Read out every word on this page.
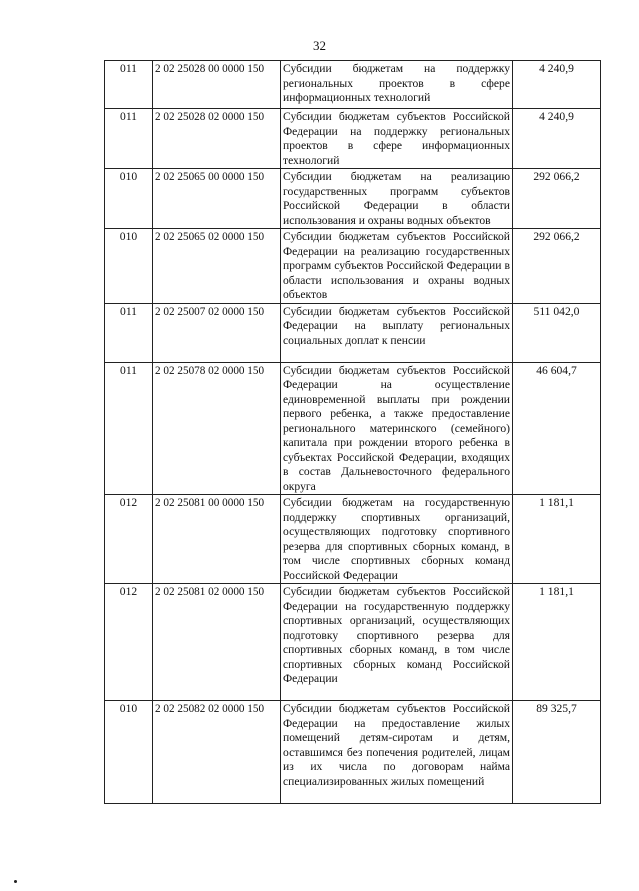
32
011	2 02 25028 00 0000 150	Субсидии бюджетам на поддержку региональных проектов в сфере информационных технологий	4 240,9
011	2 02 25028 02 0000 150	Субсидии бюджетам субъектов Российской Федерации на поддержку региональных проектов в сфере информационных технологий	4 240,9
010	2 02 25065 00 0000 150	Субсидии бюджетам на реализацию государственных программ субъектов Российской Федерации в области использования и охраны водных объектов	292 066,2
010	2 02 25065 02 0000 150	Субсидии бюджетам субъектов Российской Федерации на реализацию государственных программ субъектов Российской Федерации в области использования и охраны водных объектов	292 066,2
011	2 02 25007 02 0000 150	Субсидии бюджетам субъектов Российской Федерации на выплату региональных социальных доплат к пенсии	511 042,0
011	2 02 25078 02 0000 150	Субсидии бюджетам субъектов Российской Федерации на осуществление единовременной выплаты при рождении первого ребенка, а также предоставление регионального материнского (семейного) капитала при рождении второго ребенка в субъектах Российской Федерации, входящих в состав Дальневосточного федерального округа	46 604,7
012	2 02 25081 00 0000 150	Субсидии бюджетам на государственную поддержку спортивных организаций, осуществляющих подготовку спортивного резерва для спортивных сборных команд, в том числе спортивных сборных команд Российской Федерации	1 181,1
012	2 02 25081 02 0000 150	Субсидии бюджетам субъектов Российской Федерации на государственную поддержку спортивных организаций, осуществляющих подготовку спортивного резерва для спортивных сборных команд, в том числе спортивных сборных команд Российской Федерации	1 181,1
010	2 02 25082 02 0000 150	Субсидии бюджетам субъектов Российской Федерации на предоставление жилых помещений детям-сиротам и детям, оставшимся без попечения родителей, лицам из их числа по договорам найма специализированных жилых помещений	89 325,7
